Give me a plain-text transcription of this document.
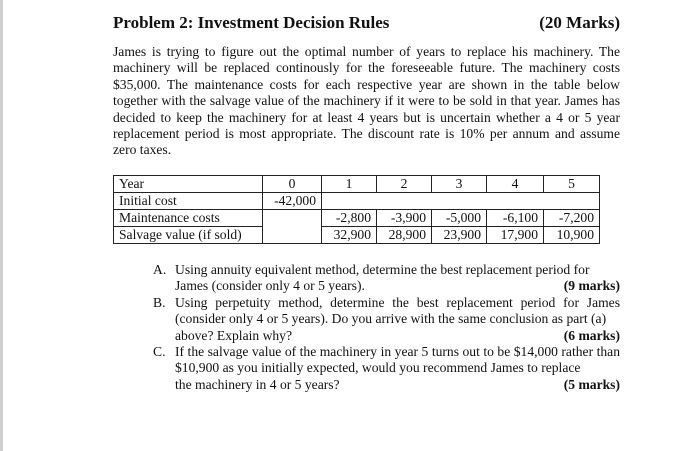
Problem 2: Investment Decision Rules	(20 Marks)
James is trying to figure out the optimal number of years to replace his machinery. The machinery will be replaced continously for the foreseeable future. The machinery costs $35,000. The maintenance costs for each respective year are shown in the table below together with the salvage value of the machinery if it were to be sold in that year. James has decided to keep the machinery for at least 4 years but is uncertain whether a 4 or 5 year replacement period is most appropriate. The discount rate is 10% per annum and assume zero taxes.
Year	0	1	2	3	4	5
Initial cost	-42,000					
Maintenance costs		-2,800	-3,900	-5,000	-6,100	-7,200
Salvage value (if sold)		32,900	28,900	23,900	17,900	10,900
A. Using annuity equivalent method, determine the best replacement period for
James (consider only 4 or 5 years).	(9 marks)
B. Using perpetuity method, determine the best replacement period for James (consider only 4 or 5 years). Do you arrive with the same conclusion as part (a)
above? Explain why?	(6 marks)
C. If the salvage value of the machinery in year 5 turns out to be $14,000 rather than $10,900 as you initially expected, would you recommend James to replace
the machinery in 4 or 5 years?	(5 marks)
